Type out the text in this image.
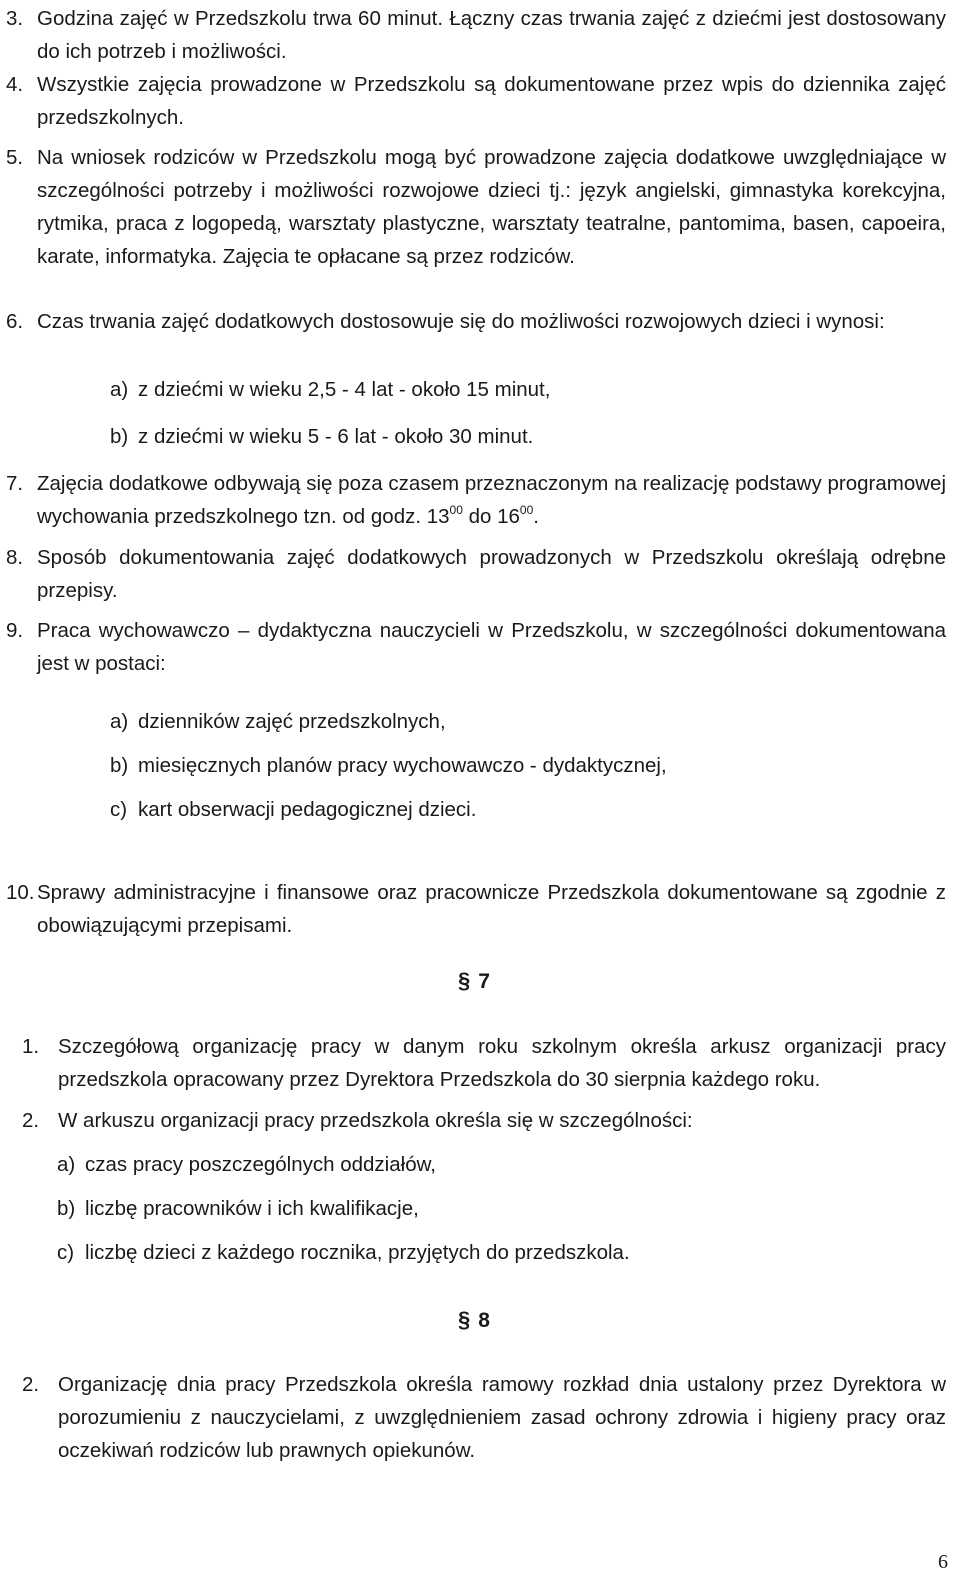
3. Godzina zajęć w Przedszkolu trwa 60 minut. Łączny czas trwania zajęć z dziećmi jest dostosowany do ich potrzeb i możliwości.
4. Wszystkie zajęcia prowadzone w Przedszkolu są dokumentowane przez wpis do dziennika zajęć przedszkolnych.
5. Na wniosek rodziców w Przedszkolu mogą być prowadzone zajęcia dodatkowe uwzględniające w szczególności potrzeby i możliwości rozwojowe dzieci tj.: język angielski, gimnastyka korekcyjna, rytmika, praca z logopedą, warsztaty plastyczne, warsztaty teatralne, pantomima, basen, capoeira, karate, informatyka. Zajęcia te opłacane są przez rodziców.
6. Czas trwania zajęć dodatkowych dostosowuje się do możliwości rozwojowych dzieci i wynosi:
a) z dziećmi w wieku 2,5 - 4 lat - około 15 minut,
b) z dziećmi w wieku 5 - 6 lat - około 30 minut.
7. Zajęcia dodatkowe odbywają się poza czasem przeznaczonym na realizację podstawy programowej wychowania przedszkolnego tzn. od godz. $13^{00}$ do $16^{00}$.
8. Sposób dokumentowania zajęć dodatkowych prowadzonych w Przedszkolu określają odrębne przepisy.
9. Praca wychowawczo – dydaktyczna nauczycieli w Przedszkolu, w szczególności dokumentowana jest w postaci:
a) dzienników zajęć przedszkolnych,
b) miesięcznych planów pracy wychowawczo - dydaktycznej,
c) kart obserwacji pedagogicznej dzieci.
10. Sprawy administracyjne i finansowe oraz pracownicze Przedszkola dokumentowane są zgodnie z obowiązującymi przepisami.
§ 7
1. Szczegółową organizację pracy w danym roku szkolnym określa arkusz organizacji pracy przedszkola opracowany przez Dyrektora Przedszkola do 30 sierpnia każdego roku.
2. W arkuszu organizacji pracy przedszkola określa się w szczególności:
a) czas pracy poszczególnych oddziałów,
b) liczbę pracowników i ich kwalifikacje,
c) liczbę dzieci z każdego rocznika, przyjętych do przedszkola.
§ 8
2. Organizację dnia pracy Przedszkola określa ramowy rozkład dnia ustalony przez Dyrektora w porozumieniu z nauczycielami, z uwzględnieniem zasad ochrony zdrowia i higieny pracy oraz oczekiwań rodziców lub prawnych opiekunów.
6
